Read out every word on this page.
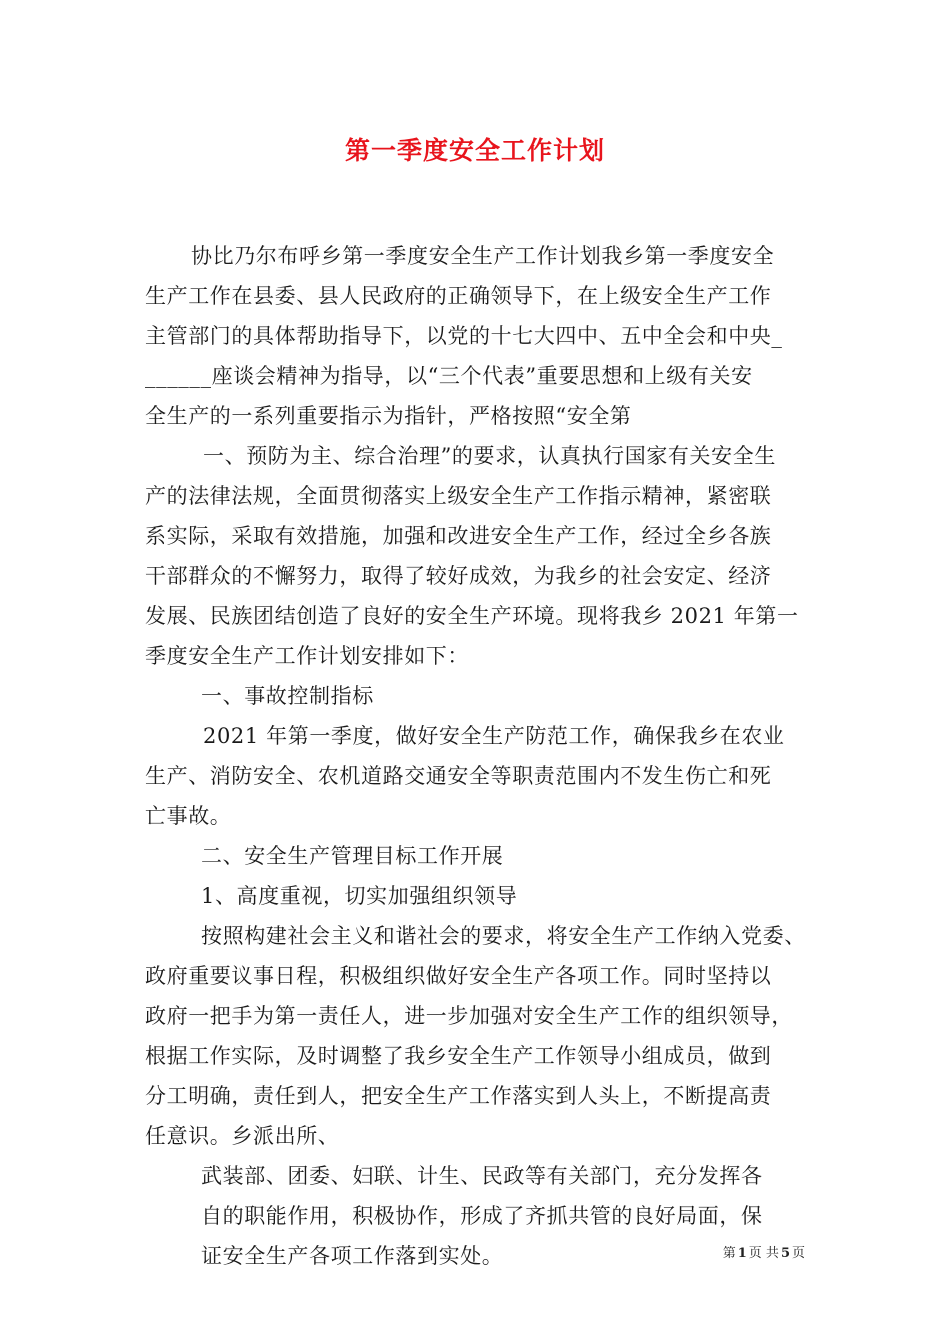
第一季度安全工作计划
协比乃尔布呼乡第一季度安全生产工作计划我乡第一季度安全
生产工作在县委、县人民政府的正确领导下，在上级安全生产工作
主管部门的具体帮助指导下，以党的十七大四中、五中全会和中央_
______座谈会精神为指导，以“三个代表”重要思想和上级有关安
全生产的一系列重要指示为指针，严格按照“安全第
一、预防为主、综合治理”的要求，认真执行国家有关安全生
产的法律法规，全面贯彻落实上级安全生产工作指示精神，紧密联
系实际，采取有效措施，加强和改进安全生产工作，经过全乡各族
干部群众的不懈努力，取得了较好成效，为我乡的社会安定、经济
发展、民族团结创造了良好的安全生产环境。现将我乡 2021 年第一
季度安全生产工作计划安排如下：
一、事故控制指标
2021 年第一季度，做好安全生产防范工作，确保我乡在农业
生产、消防安全、农机道路交通安全等职责范围内不发生伤亡和死
亡事故。
二、安全生产管理目标工作开展
1、高度重视，切实加强组织领导
按照构建社会主义和谐社会的要求，将安全生产工作纳入党委、
政府重要议事日程，积极组织做好安全生产各项工作。同时坚持以
政府一把手为第一责任人，进一步加强对安全生产工作的组织领导，
根据工作实际，及时调整了我乡安全生产工作领导小组成员，做到
分工明确，责任到人，把安全生产工作落实到人头上，不断提高责
任意识。乡派出所、
武装部、团委、妇联、计生、民政等有关部门，充分发挥各
自的职能作用，积极协作，形成了齐抓共管的良好局面，保
证安全生产各项工作落到实处。	第 1 页 共 5 页
